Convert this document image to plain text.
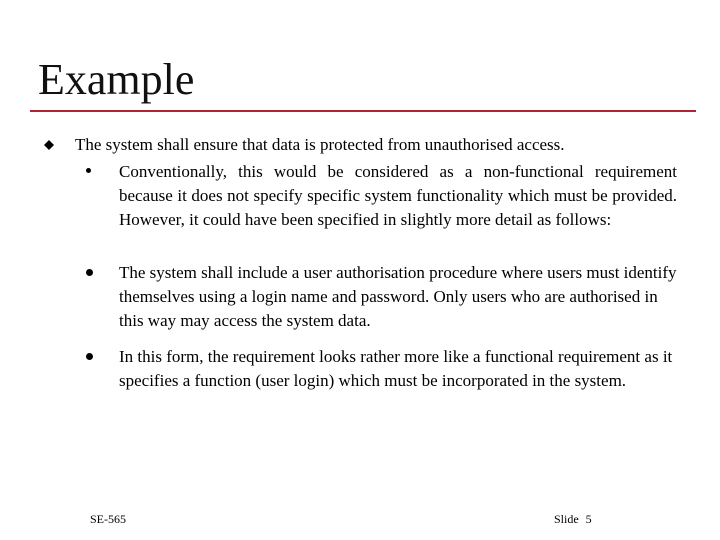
Example

The system shall ensure that data is protected from unauthorised access.

Conventionally, this would be considered as a non-functional requirement because it does not specify specific system functionality which must be provided. However, it could have been specified in slightly more detail as follows:

The system shall include a user authorisation procedure where users must identify themselves using a login name and password. Only users who are authorised in this way may access the system data.

In this form, the requirement looks rather more like a functional requirement as it specifies a function (user login) which must be incorporated in the system.

SE-565	Slide 5
